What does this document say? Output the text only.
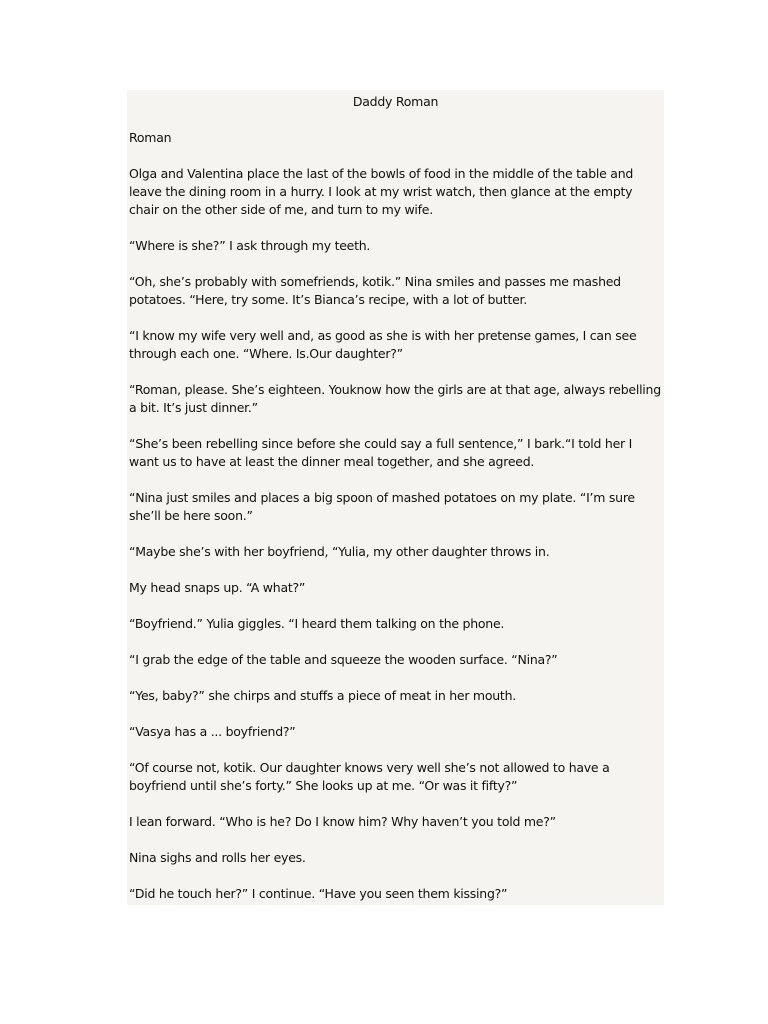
Daddy Roman
Roman
Olga and Valentina place the last of the bowls of food in the middle of the table and leave the dining room in a hurry. I look at my wrist watch, then glance at the empty chair on the other side of me, and turn to my wife.
“Where is she?” I ask through my teeth.
“Oh, she’s probably with somefriends, kotik.” Nina smiles and passes me mashed potatoes. “Here, try some. It’s Bianca’s recipe, with a lot of butter.
“I know my wife very well and, as good as she is with her pretense games, I can see through each one. “Where. Is.Our daughter?”
“Roman, please. She’s eighteen. Youknow how the girls are at that age, always rebelling a bit. It’s just dinner.”
“She’s been rebelling since before she could say a full sentence,” I bark.“I told her I want us to have at least the dinner meal together, and she agreed.
“Nina just smiles and places a big spoon of mashed potatoes on my plate. “I’m sure she’ll be here soon.”
“Maybe she’s with her boyfriend, “Yulia, my other daughter throws in.
My head snaps up. “A what?”
“Boyfriend.” Yulia giggles. “I heard them talking on the phone.
“I grab the edge of the table and squeeze the wooden surface. “Nina?”
“Yes, baby?” she chirps and stuffs a piece of meat in her mouth.
“Vasya has a ... boyfriend?”
“Of course not, kotik. Our daughter knows very well she’s not allowed to have a boyfriend until she’s forty.” She looks up at me. “Or was it fifty?”
I lean forward. “Who is he? Do I know him? Why haven’t you told me?”
Nina sighs and rolls her eyes.
“Did he touch her?” I continue. “Have you seen them kissing?”
